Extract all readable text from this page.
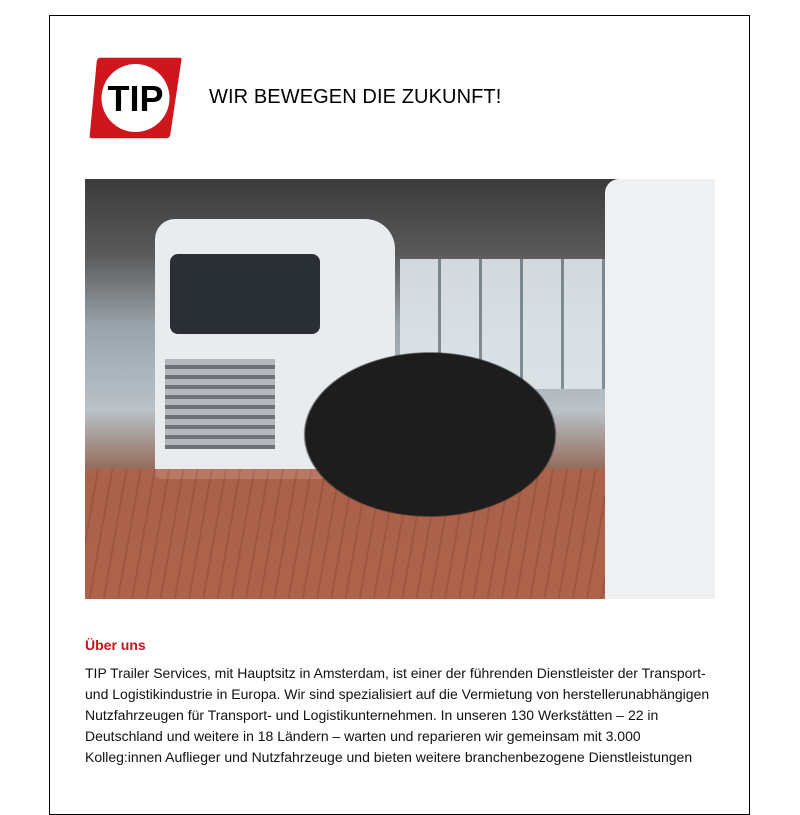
TIP WIR BEWEGEN DIE ZUKUNFT!
Über uns
TIP Trailer Services, mit Hauptsitz in Amsterdam, ist einer der führenden Dienstleister der Transport-
und Logistikindustrie in Europa. Wir sind spezialisiert auf die Vermietung von herstellerunabhängigen
Nutzfahrzeugen für Transport- und Logistikunternehmen. In unseren 130 Werkstätten – 22 in
Deutschland und weitere in 18 Ländern – warten und reparieren wir gemeinsam mit 3.000
Kolleg:innen Auflieger und Nutzfahrzeuge und bieten weitere branchenbezogene Dienstleistungen
